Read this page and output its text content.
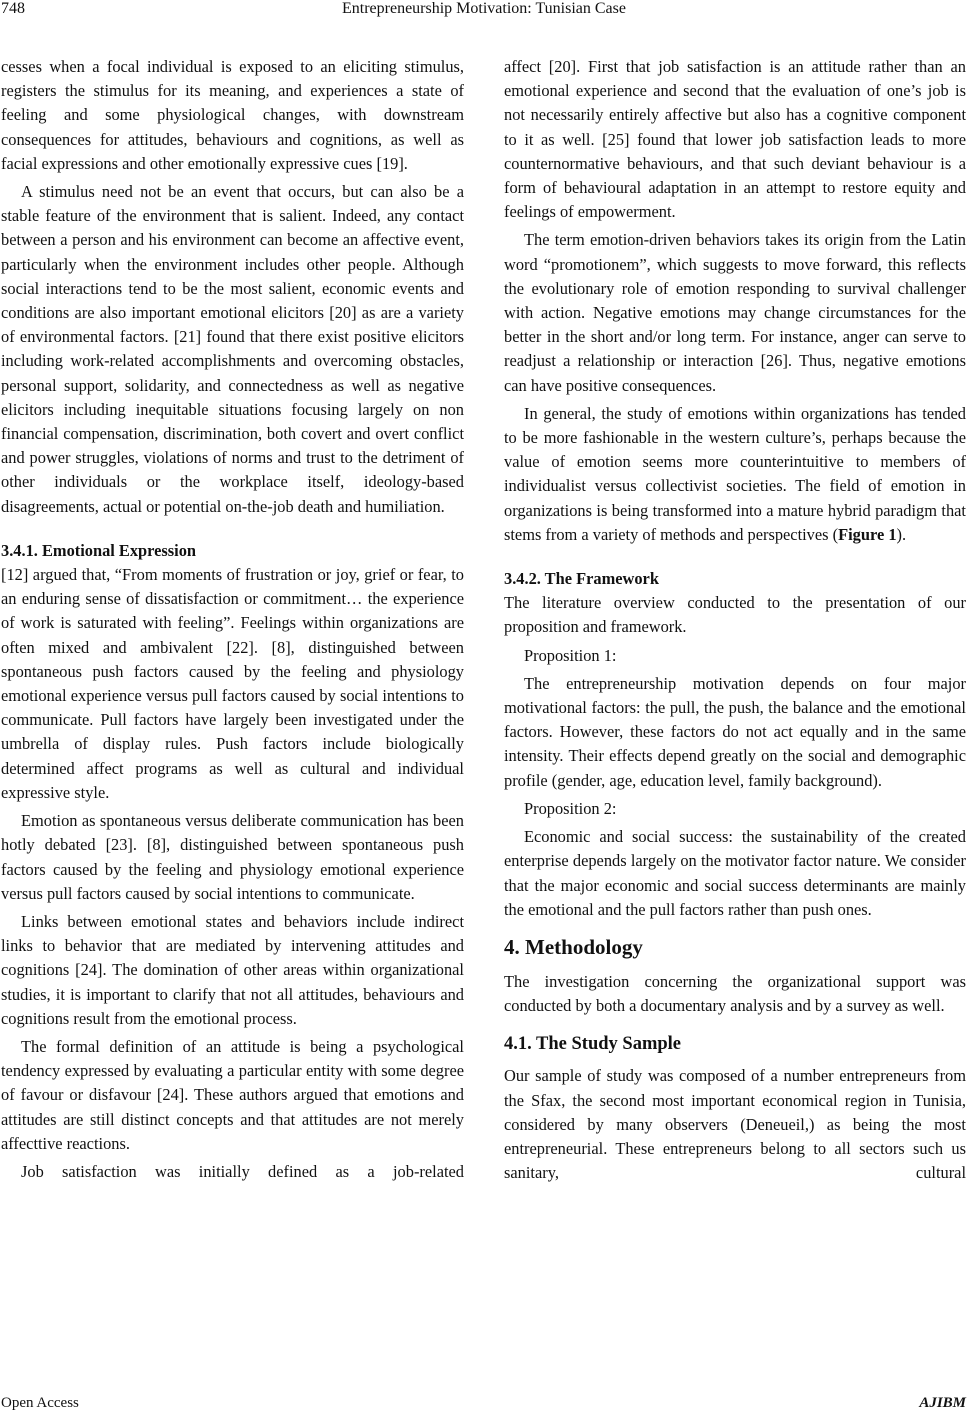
748	Entrepreneurship Motivation: Tunisian Case

cesses when a focal individual is exposed to an eliciting stimulus, registers the stimulus for its meaning, and experiences a state of feeling and some physiological changes, with downstream consequences for attitudes, behaviours and cognitions, as well as facial expressions and other emotionally expressive cues [19].

A stimulus need not be an event that occurs, but can also be a stable feature of the environment that is salient. Indeed, any contact between a person and his environment can become an affective event, particularly when the environment includes other people. Although social interactions tend to be the most salient, economic events and conditions are also important emotional elicitors [20] as are a variety of environmental factors. [21] found that there exist positive elicitors including work-related accomplishments and overcoming obstacles, personal support, solidarity, and connectedness as well as negative elicitors including inequitable situations focusing largely on non financial compensation, discrimination, both covert and overt conflict and power struggles, violations of norms and trust to the detriment of other individuals or the workplace itself, ideology-based disagreements, actual or potential on-the-job death and humiliation.

3.4.1. Emotional Expression

[12] argued that, “From moments of frustration or joy, grief or fear, to an enduring sense of dissatisfaction or commitment… the experience of work is saturated with feeling”. Feelings within organizations are often mixed and ambivalent [22]. [8], distinguished between spontaneous push factors caused by the feeling and physiology emotional experience versus pull factors caused by social intentions to communicate. Pull factors have largely been investigated under the umbrella of display rules. Push factors include biologically determined affect programs as well as cultural and individual expressive style.

Emotion as spontaneous versus deliberate communication has been hotly debated [23]. [8], distinguished between spontaneous push factors caused by the feeling and physiology emotional experience versus pull factors caused by social intentions to communicate.

Links between emotional states and behaviors include indirect links to behavior that are mediated by intervening attitudes and cognitions [24]. The domination of other areas within organizational studies, it is important to clarify that not all attitudes, behaviours and cognitions result from the emotional process.

The formal definition of an attitude is being a psychological tendency expressed by evaluating a particular entity with some degree of favour or disfavour [24]. These authors argued that emotions and attitudes are still distinct concepts and that attitudes are not merely affecttive reactions.

Job satisfaction was initially defined as a job-related

affect [20]. First that job satisfaction is an attitude rather than an emotional experience and second that the evaluation of one’s job is not necessarily entirely affective but also has a cognitive component to it as well. [25] found that lower job satisfaction leads to more counternormative behaviours, and that such deviant behaviour is a form of behavioural adaptation in an attempt to restore equity and feelings of empowerment.

The term emotion-driven behaviors takes its origin from the Latin word “promotionem”, which suggests to move forward, this reflects the evolutionary role of emotion responding to survival challenger with action. Negative emotions may change circumstances for the better in the short and/or long term. For instance, anger can serve to readjust a relationship or interaction [26]. Thus, negative emotions can have positive consequences.

In general, the study of emotions within organizations has tended to be more fashionable in the western culture’s, perhaps because the value of emotion seems more counterintuitive to members of individualist versus collectivist societies. The field of emotion in organizations is being transformed into a mature hybrid paradigm that stems from a variety of methods and perspectives (Figure 1).

3.4.2. The Framework

The literature overview conducted to the presentation of our proposition and framework.

Proposition 1:

The entrepreneurship motivation depends on four major motivational factors: the pull, the push, the balance and the emotional factors. However, these factors do not act equally and in the same intensity. Their effects depend greatly on the social and demographic profile (gender, age, education level, family background).

Proposition 2:

Economic and social success: the sustainability of the created enterprise depends largely on the motivator factor nature. We consider that the major economic and social success determinants are mainly the emotional and the pull factors rather than push ones.

4. Methodology

The investigation concerning the organizational support was conducted by both a documentary analysis and by a survey as well.

4.1. The Study Sample

Our sample of study was composed of a number entrepreneurs from the Sfax, the second most important economical region in Tunisia, considered by many observers (Deneueil,) as being the most entrepreneurial. These entrepreneurs belong to all sectors such us sanitary, cultural

Open Access	AJIBM
